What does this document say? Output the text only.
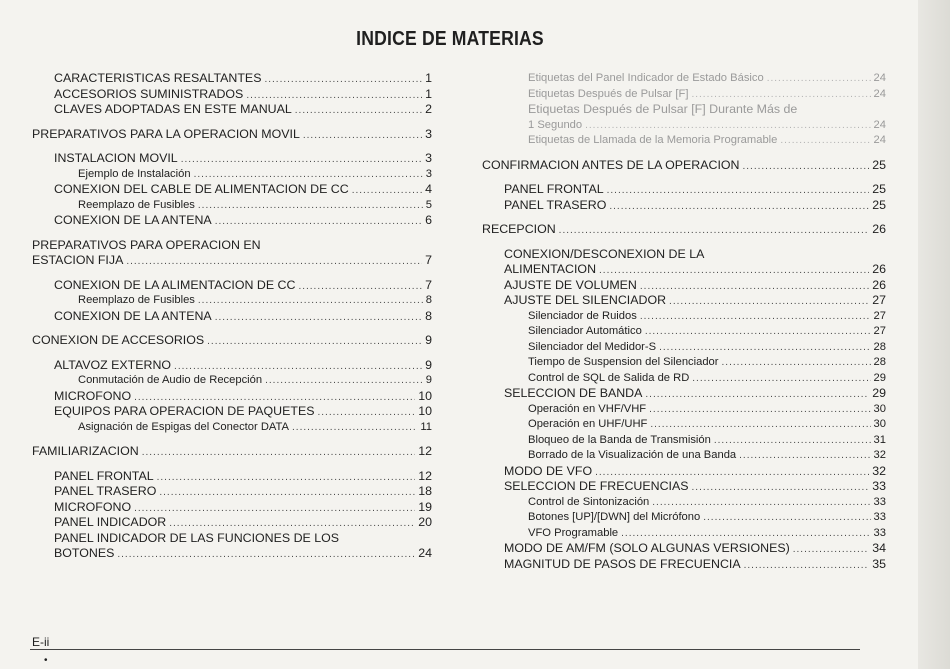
INDICE DE MATERIAS
CARACTERISTICAS RESALTANTES .....	1
ACCESORIOS SUMINISTRADOS .....	1
CLAVES ADOPTADAS EN ESTE MANUAL .....	2
PREPARATIVOS PARA LA OPERACION MOVIL .....	3
INSTALACION MOVIL .....	3
Ejemplo de Instalación .....	3
CONEXION DEL CABLE DE ALIMENTACION DE CC .....	4
Reemplazo de Fusibles .....	5
CONEXION DE LA ANTENA .....	6
PREPARATIVOS PARA OPERACION EN
ESTACION FIJA .....	7
CONEXION DE LA ALIMENTACION DE CC .....	7
Reemplazo de Fusibles .....	8
CONEXION DE LA ANTENA .....	8
CONEXION DE ACCESORIOS .....	9
ALTAVOZ EXTERNO .....	9
Conmutación de Audio de Recepción .....	9
MICROFONO .....	10
EQUIPOS PARA OPERACION DE PAQUETES .....	10
Asignación de Espigas del Conector DATA .....	11
FAMILIARIZACION .....	12
PANEL FRONTAL .....	12
PANEL TRASERO .....	18
MICROFONO .....	19
PANEL INDICADOR .....	20
PANEL INDICADOR DE LAS FUNCIONES DE LOS
BOTONES .....	24
Etiquetas del Panel Indicador de Estado Básico .....	24
Etiquetas Después de Pulsar [F] .....	24
Etiquetas Después de Pulsar [F] Durante Más de
1 Segundo .....	24
Etiquetas de Llamada de la Memoria Programable .....	24
CONFIRMACION ANTES DE LA OPERACION .....	25
PANEL FRONTAL .....	25
PANEL TRASERO .....	25
RECEPCION .....	26
CONEXION/DESCONEXION DE LA
ALIMENTACION .....	26
AJUSTE DE VOLUMEN .....	26
AJUSTE DEL SILENCIADOR .....	27
Silenciador de Ruidos .....	27
Silenciador Automático .....	27
Silenciador del Medidor-S .....	28
Tiempo de Suspension del Silenciador .....	28
Control de SQL de Salida de RD .....	29
SELECCION DE BANDA .....	29
Operación en VHF/VHF .....	30
Operación en UHF/UHF .....	30
Bloqueo de la Banda de Transmisión .....	31
Borrado de la Visualización de una Banda .....	32
MODO DE VFO .....	32
SELECCION DE FRECUENCIAS .....	33
Control de Sintonización .....	33
Botones [UP]/[DWN] del Micrófono .....	33
VFO Programable .....	33
MODO DE AM/FM (SOLO ALGUNAS VERSIONES) .....	34
MAGNITUD DE PASOS DE FRECUENCIA .....	35
E-ii
•
